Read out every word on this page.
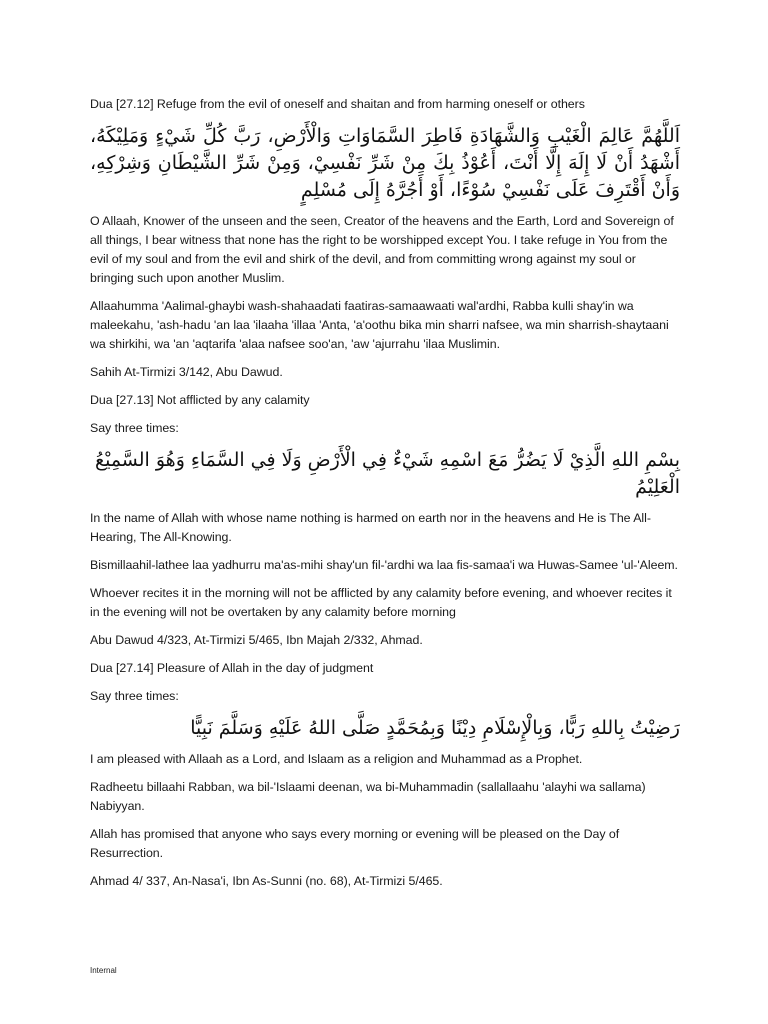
Dua [27.12] Refuge from the evil of oneself and shaitan and from harming oneself or others

اَللَّهُمَّ عَالِمَ الْغَيْبِ وَالشَّهَادَةِ فَاطِرَ السَّمَاوَاتِ وَالْأَرْضِ، رَبَّ كُلِّ شَيْءٍ وَمَلِيْكَهُ، أَشْهَدُ أَنْ لَا إِلَهَ إِلَّا أَنْتَ، أَعُوْذُ بِكَ مِنْ شَرِّ نَفْسِيْ، وَمِنْ شَرِّ الشَّيْطَانِ وَشِرْكِهِ، وَأَنْ أَقْتَرِفَ عَلَى نَفْسِيْ سُوْءًا، أَوْ أَجُرَّهُ إِلَى مُسْلِمٍ

O Allaah, Knower of the unseen and the seen, Creator of the heavens and the Earth, Lord and Sovereign of all things, I bear witness that none has the right to be worshipped except You. I take refuge in You from the evil of my soul and from the evil and shirk of the devil, and from committing wrong against my soul or bringing such upon another Muslim.

Allaahumma 'Aalimal-ghaybi wash-shahaadati faatiras-samaawaati wal'ardhi, Rabba kulli shay'in wa maleekahu, 'ash-hadu 'an laa 'ilaaha 'illaa 'Anta, 'a'oothu bika min sharri nafsee, wa min sharrish-shaytaani wa shirkihi, wa 'an 'aqtarifa 'alaa nafsee soo'an, 'aw 'ajurrahu 'ilaa Muslimin.

Sahih At-Tirmizi 3/142, Abu Dawud.

Dua [27.13] Not afflicted by any calamity

Say three times:

بِسْمِ اللهِ الَّذِيْ لَا يَضُرُّ مَعَ اسْمِهِ شَيْءٌ فِي الْأَرْضِ وَلَا فِي السَّمَاءِ وَهُوَ السَّمِيْعُ الْعَلِيْمُ

In the name of Allah with whose name nothing is harmed on earth nor in the heavens and He is The All-Hearing, The All-Knowing.

Bismillaahil-lathee laa yadhurru ma'as-mihi shay'un fil-'ardhi wa laa fis-samaa'i wa Huwas-Samee 'ul-'Aleem.

Whoever recites it in the morning will not be afflicted by any calamity before evening, and whoever recites it in the evening will not be overtaken by any calamity before morning

Abu Dawud 4/323, At-Tirmizi 5/465, Ibn Majah 2/332, Ahmad.

Dua [27.14] Pleasure of Allah in the day of judgment

Say three times:

رَضِيْتُ بِاللهِ رَبًّا، وَبِالْإِسْلَامِ دِيْنًا وَبِمُحَمَّدٍ صَلَّى اللهُ عَلَيْهِ وَسَلَّمَ نَبِيًّا

I am pleased with Allaah as a Lord, and Islaam as a religion and Muhammad as a Prophet.

Radheetu billaahi Rabban, wa bil-'Islaami deenan, wa bi-Muhammadin (sallallaahu 'alayhi wa sallama) Nabiyyan.

Allah has promised that anyone who says every morning or evening will be pleased on the Day of Resurrection.

Ahmad 4/ 337, An-Nasa'i, Ibn As-Sunni (no. 68), At-Tirmizi 5/465.

Internal
